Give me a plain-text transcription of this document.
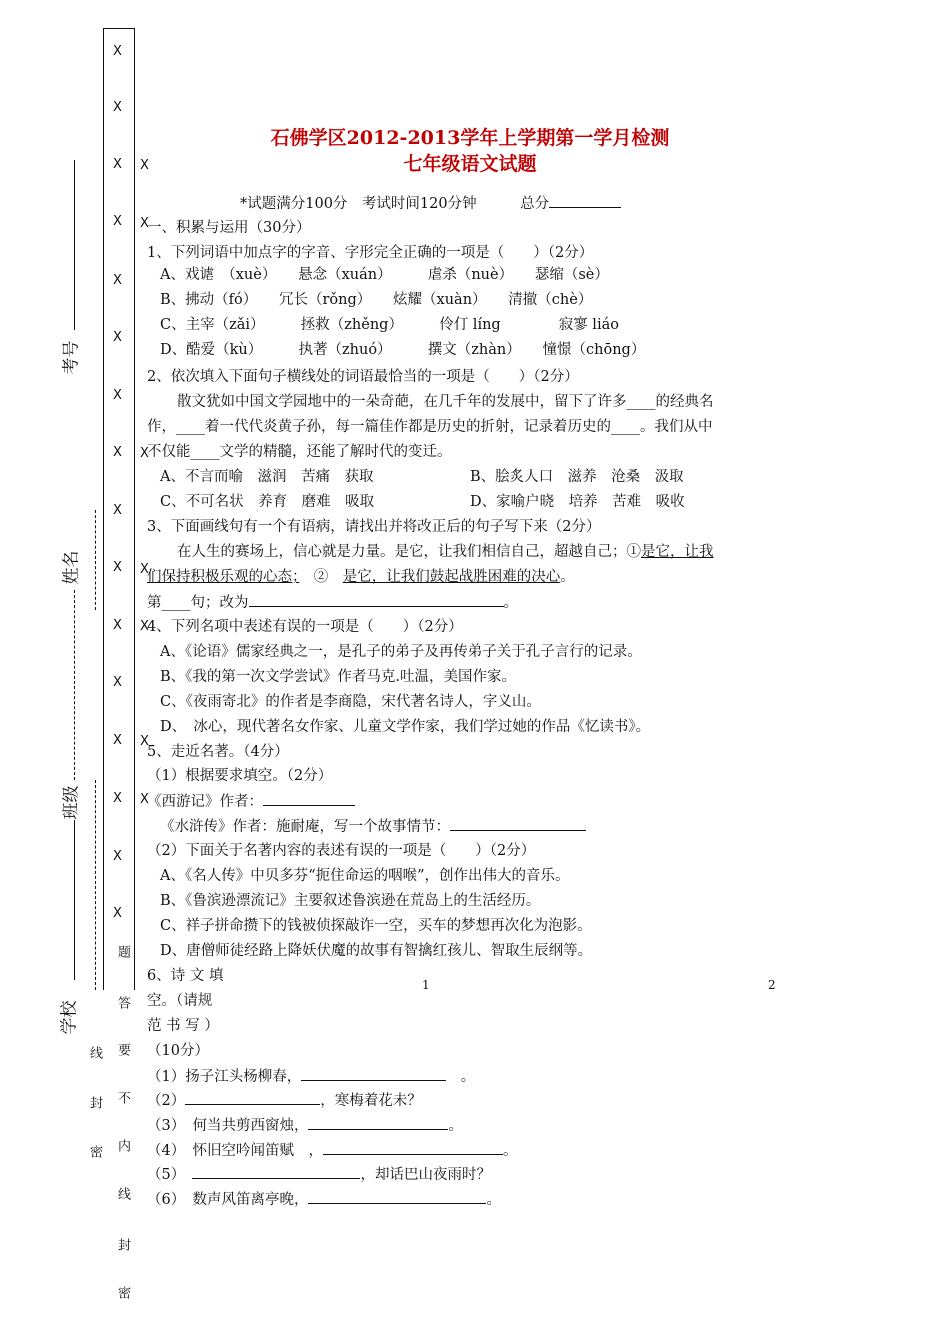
X
X
X
X
X
X
X
X
X
X
X
X
X
X
X
X
X
X
X
X
X
X
X
题
答
要
不
内
线
封
密
线
封
密
考号
姓名
班级
学校
石佛学区2012-2013学年上学期第一学月检测
七年级语文试题
*试题满分100分　考试时间120分钟　　　总分
一、积累与运用（30分）
1、下列词语中加点字的字音、字形完全正确的一项是（　　）（2分）
A、戏谑　（xuè）　　悬念（xuán）　　　虐杀（nuè）　　瑟缩（sè）
B、拂动（fó）　　冗长（rǒng）　　炫耀（xuàn）　　清撤（chè）
C、主宰（zǎi）　　　拯救（zhěng）　　　伶仃 líng　　　　寂寥 liáo
D、酷爱（kù）　　　执著（zhuó）　　　撰文（zhàn）　　憧憬（chōng）
2、依次填入下面句子横线处的词语最恰当的一项是（　　）（2分）
散文犹如中国文学园地中的一朵奇葩，在几千年的发展中，留下了许多____的经典名
作，____着一代代炎黄子孙，每一篇佳作都是历史的折射，记录着历史的____。我们从中
不仅能____文学的精髓，还能了解时代的变迁。
A、不言而喻　滋润　苦痛　获取	B、脍炙人口　滋养　沧桑　汲取
C、不可名状　养育　磨难　吸取	D、家喻户晓　培养　苦难　吸收
3、下面画线句有一个有语病，请找出并将改正后的句子写下来（2分）
在人生的赛场上，信心就是力量。是它，让我们相信自己，超越自己；①是它，让我
们保持积极乐观的心态；　②　 是它，让我们鼓起战胜困难的决心。
第____句；改为	。
4、下列名项中表述有误的一项是（　　）（2分）
A、《论语》儒家经典之一，是孔子的弟子及再传弟子关于孔子言行的记录。
B、《我的第一次文学尝试》作者马克.吐温，美国作家。
C、《夜雨寄北》的作者是李商隐，宋代著名诗人，字义山。
D、　冰心，现代著名女作家、儿童文学作家，我们学过她的作品《忆读书》。
5、走近名著。（4分）
（1）根据要求填空。（2分）
《西游记》作者：
《水浒传》作者：施耐庵，写一个故事情节：
（2）下面关于名著内容的表述有误的一项是（　　）（2分）
A、《名人传》中贝多芬“扼住命运的咽喉”，创作出伟大的音乐。
B、《鲁滨逊漂流记》主要叙述鲁滨逊在荒岛上的生活经历。
C、祥子拼命攒下的钱被侦探敲诈一空，买车的梦想再次化为泡影。
D、唐僧师徒经路上降妖伏魔的故事有智擒红孩儿、智取生辰纲等。
6、诗 文 填
空。（请规
范 书 写 ）
（10分）
1	2
（1）扬子江头杨柳春，　	。
（2）	，寒梅着花未？
（3）　何当共剪西窗烛，	。
（4）　怀旧空吟闻笛赋　，	。
（5）　	，却话巴山夜雨时？
（6）　数声风笛离亭晚，	。
